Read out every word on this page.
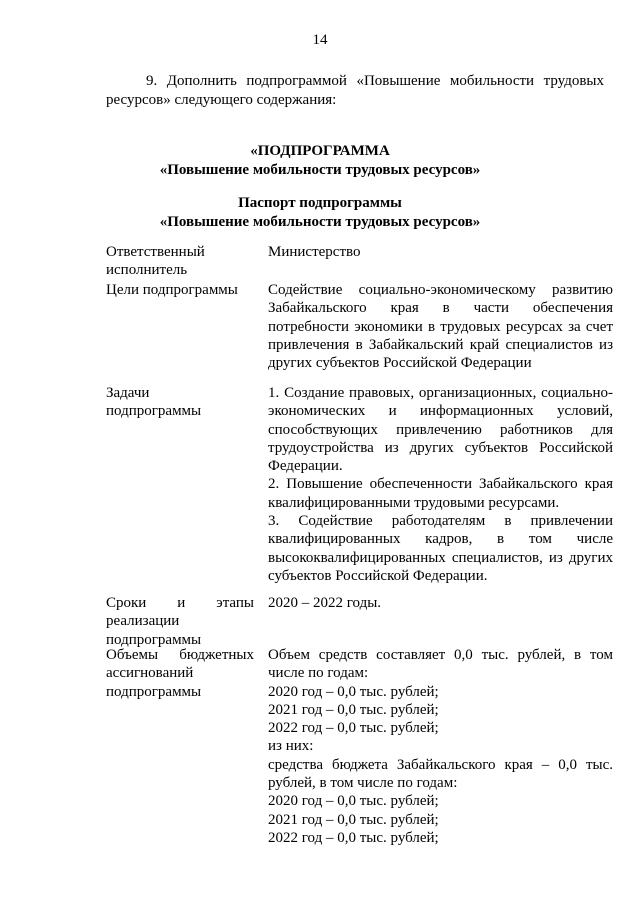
14
9. Дополнить подпрограммой «Повышение мобильности трудовых ресурсов» следующего содержания:
«ПОДПРОГРАММА
«Повышение мобильности трудовых ресурсов»
Паспорт подпрограммы
«Повышение мобильности трудовых ресурсов»
Ответственный исполнитель
Министерство
Цели подпрограммы	Содействие социально-экономическому развитию Забайкальского края в части обеспечения потребности экономики в трудовых ресурсах за счет привлечения в Забайкальский край специалистов из других субъектов Российской Федерации
Задачи подпрограммы
1. Создание правовых, организационных, социально-экономических и информационных условий, способствующих привлечению работников для трудоустройства из других субъектов Российской Федерации.
2. Повышение обеспеченности Забайкальского края квалифицированными трудовыми ресурсами.
3. Содействие работодателям в привлечении квалифицированных кадров, в том числе высококвалифицированных специалистов, из других субъектов Российской Федерации.
Сроки и этапы реализации подпрограммы
2020 – 2022 годы.
Объемы бюджетных ассигнований подпрограммы
Объем средств составляет 0,0 тыс. рублей, в том числе по годам:
2020 год – 0,0 тыс. рублей;
2021 год – 0,0 тыс. рублей;
2022 год – 0,0 тыс. рублей;
из них:
средства бюджета Забайкальского края – 0,0 тыс. рублей, в том числе по годам:
2020 год – 0,0 тыс. рублей;
2021 год – 0,0 тыс. рублей;
2022 год – 0,0 тыс. рублей;
